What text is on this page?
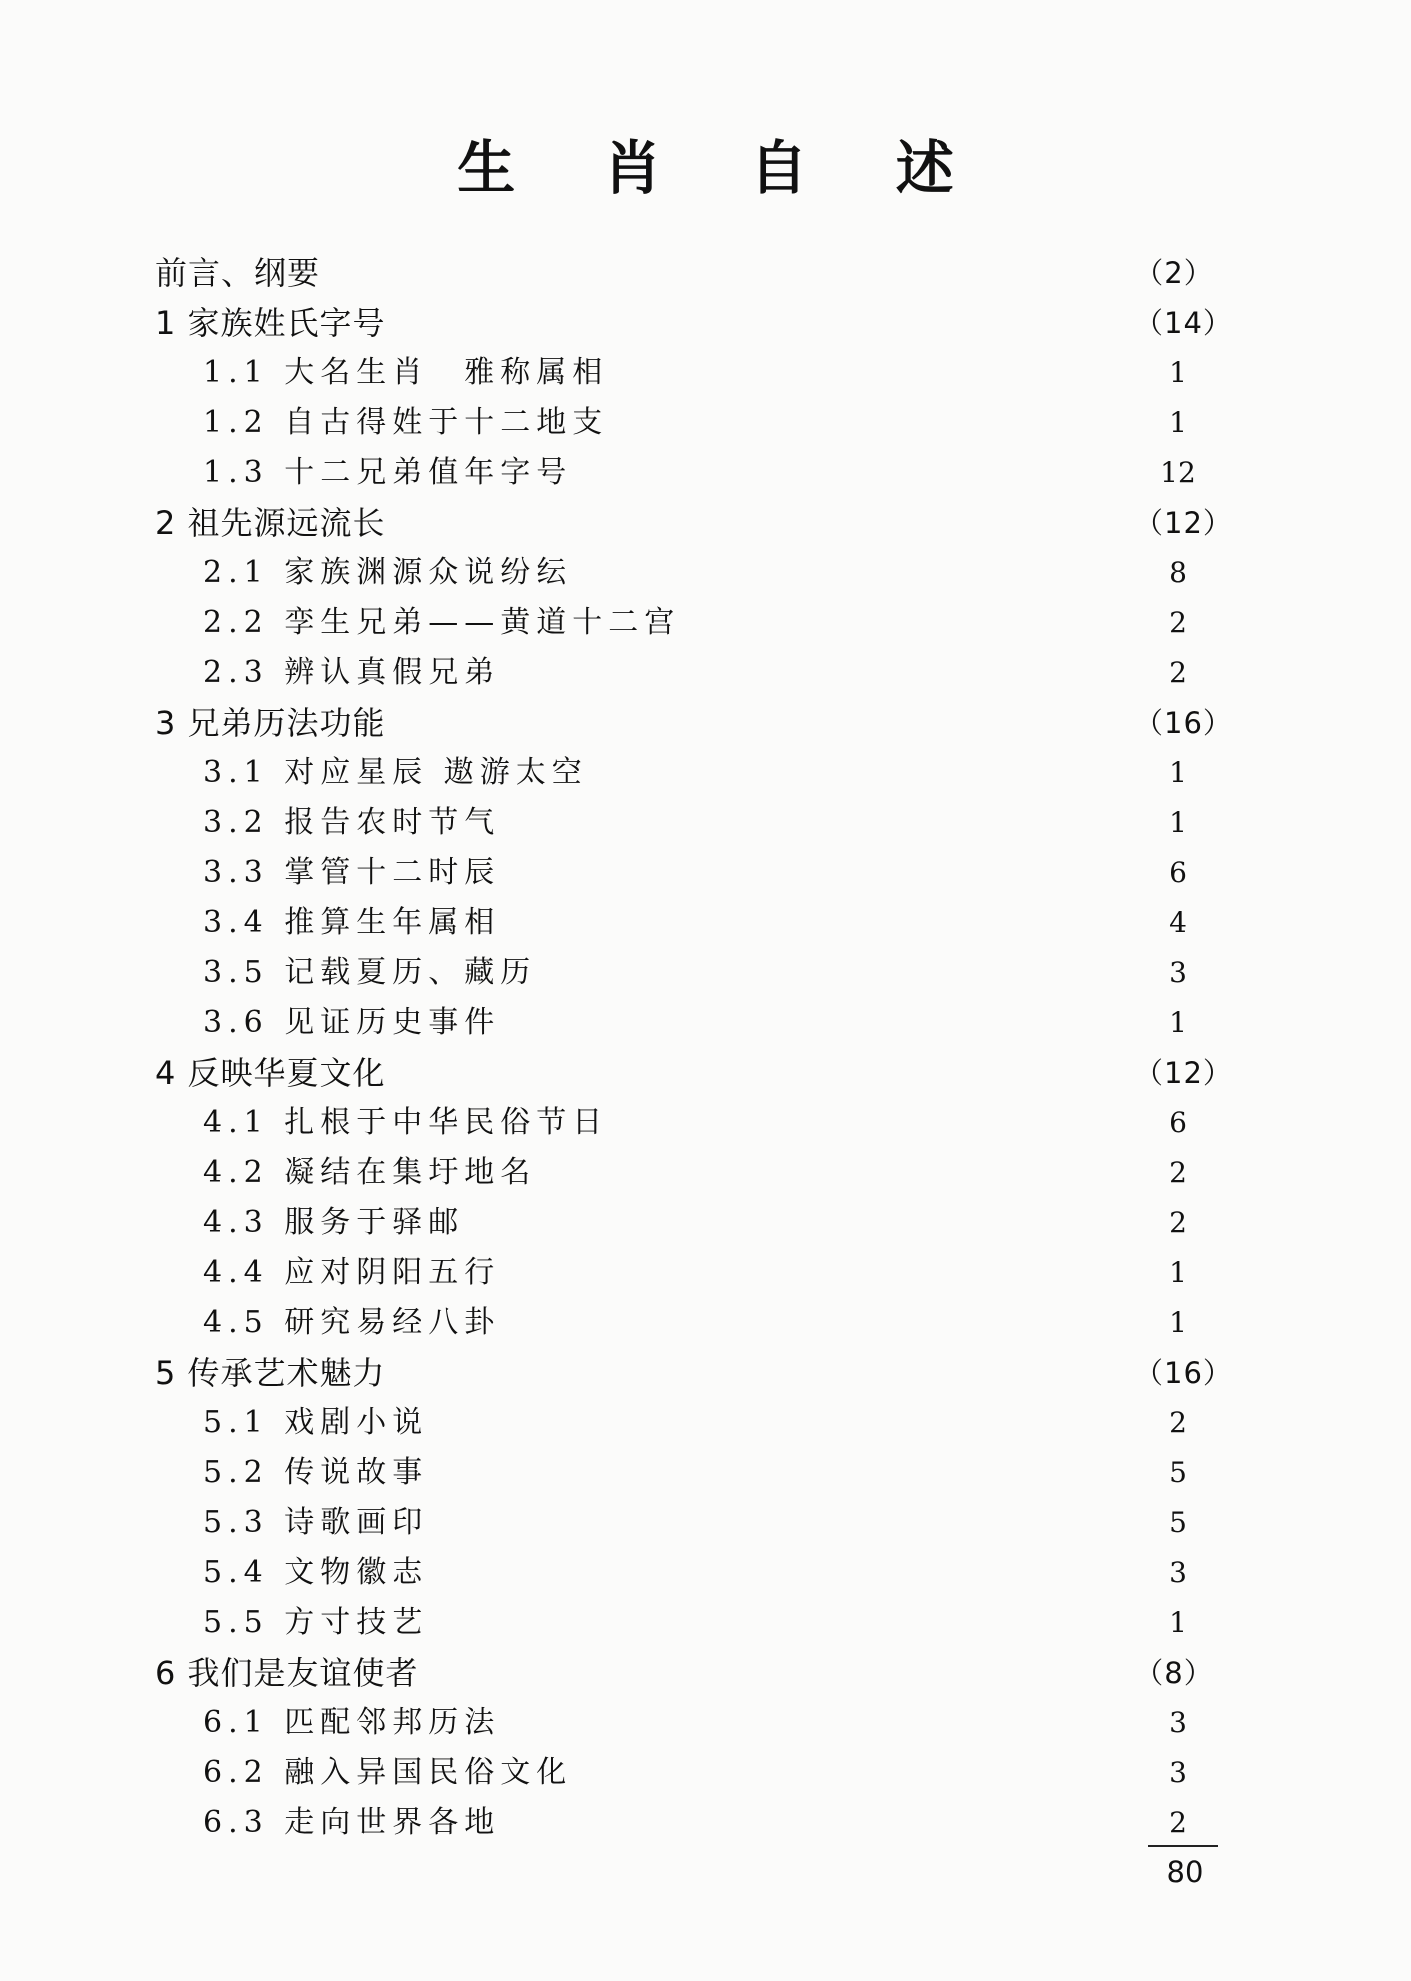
生 肖 自 述
前言、纲要	（2）
1 家族姓氏字号	（14）
1.1 大名生肖　雅称属相	1
1.2 自古得姓于十二地支	1
1.3 十二兄弟值年字号	12
2 祖先源远流长	（12）
2.1 家族渊源众说纷纭	8
2.2 孪生兄弟——黄道十二宫	2
2.3 辨认真假兄弟	2
3 兄弟历法功能	（16）
3.1 对应星辰 遨游太空	1
3.2 报告农时节气	1
3.3 掌管十二时辰	6
3.4 推算生年属相	4
3.5 记载夏历、藏历	3
3.6 见证历史事件	1
4 反映华夏文化	（12）
4.1 扎根于中华民俗节日	6
4.2 凝结在集圩地名	2
4.3 服务于驿邮	2
4.4 应对阴阳五行	1
4.5 研究易经八卦	1
5 传承艺术魅力	（16）
5.1 戏剧小说	2
5.2 传说故事	5
5.3 诗歌画印	5
5.4 文物徽志	3
5.5 方寸技艺	1
6 我们是友谊使者	（8）
6.1 匹配邻邦历法	3
6.2 融入异国民俗文化	3
6.3 走向世界各地	2
80
